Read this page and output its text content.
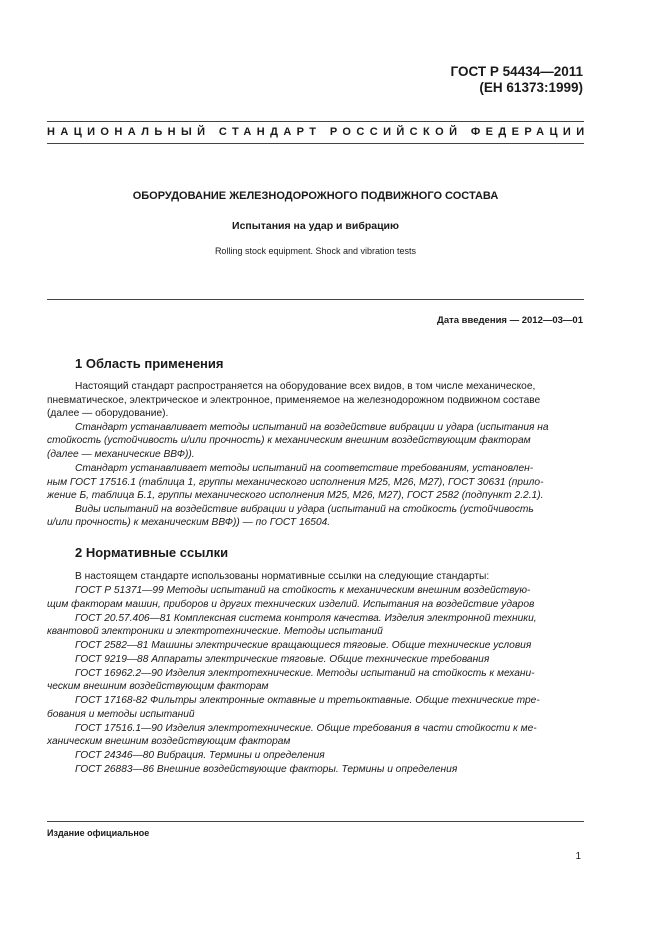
ГОСТ Р 54434—2011
(ЕН 61373:1999)
НАЦИОНАЛЬНЫЙ СТАНДАРТ РОССИЙСКОЙ ФЕДЕРАЦИИ
ОБОРУДОВАНИЕ ЖЕЛЕЗНОДОРОЖНОГО ПОДВИЖНОГО СОСТАВА
Испытания на удар и вибрацию
Rolling stock equipment. Shock and vibration tests
Дата введения — 2012—03—01
1 Область применения
Настоящий стандарт распространяется на оборудование всех видов, в том числе механическое,
пневматическое, электрическое и электронное, применяемое на железнодорожном подвижном составе
(далее — оборудование).
Стандарт устанавливает методы испытаний на воздействие вибрации и удара (испытания на
стойкость (устойчивость и/или прочность) к механическим внешним воздействующим факторам
(далее — механические ВВФ)).
Стандарт устанавливает методы испытаний на соответствие требованиям, установлен-
ным ГОСТ 17516.1 (таблица 1, группы механического исполнения М25, М26, М27), ГОСТ 30631 (прило-
жение Б, таблица Б.1, группы механического исполнения М25, М26, М27), ГОСТ 2582 (подпункт 2.2.1).
Виды испытаний на воздействие вибрации и удара (испытаний на стойкость (устойчивость
и/или прочность) к механическим ВВФ)) — по ГОСТ 16504.
2 Нормативные ссылки
В настоящем стандарте использованы нормативные ссылки на следующие стандарты:
ГОСТ Р 51371—99 Методы испытаний на стойкость к механическим внешним воздействую-
щим факторам машин, приборов и других технических изделий. Испытания на воздействие ударов
ГОСТ 20.57.406—81 Комплексная система контроля качества. Изделия электронной техники,
квантовой электроники и электротехнические. Методы испытаний
ГОСТ 2582—81 Машины электрические вращающиеся тяговые. Общие технические условия
ГОСТ 9219—88 Аппараты электрические тяговые. Общие технические требования
ГОСТ 16962.2—90 Изделия электротехнические. Методы испытаний на стойкость к механи-
ческим внешним воздействующим факторам
ГОСТ 17168-82 Фильтры электронные октавные и третьоктавные. Общие технические тре-
бования и методы испытаний
ГОСТ 17516.1—90 Изделия электротехнические. Общие требования в части стойкости к ме-
ханическим внешним воздействующим факторам
ГОСТ 24346—80 Вибрация. Термины и определения
ГОСТ 26883—86 Внешние воздействующие факторы. Термины и определения
Издание официальное
1
